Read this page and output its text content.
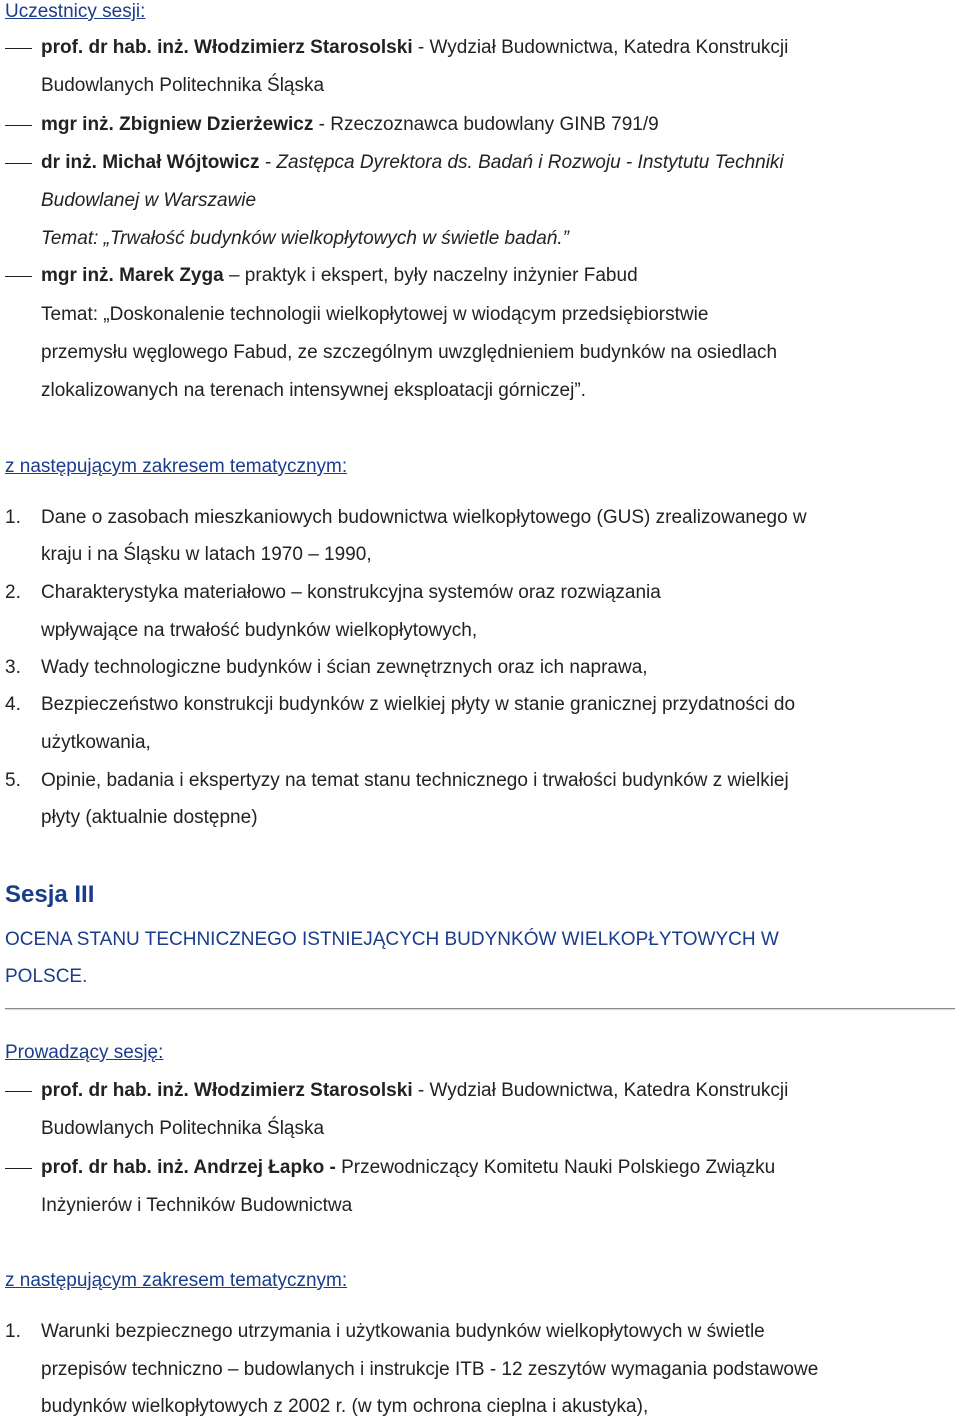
Uczestnicy sesji:
prof. dr hab. inż. Włodzimierz Starosolski - Wydział Budownictwa, Katedra Konstrukcji
Budowlanych Politechnika Śląska
mgr inż. Zbigniew Dzierżewicz - Rzeczoznawca budowlany GINB 791/9
dr inż. Michał Wójtowicz - Zastępca Dyrektora ds. Badań i Rozwoju - Instytutu Techniki
Budowlanej w Warszawie
Temat: „Trwałość budynków wielkopłytowych w świetle badań.”
mgr inż. Marek Zyga – praktyk i ekspert, były naczelny inżynier Fabud
Temat: „Doskonalenie technologii wielkopłytowej w wiodącym przedsiębiorstwie
przemysłu węglowego Fabud, ze szczególnym uwzględnieniem budynków na osiedlach
zlokalizowanych na terenach intensywnej eksploatacji górniczej”.
z następującym zakresem tematycznym:
1. Dane o zasobach mieszkaniowych budownictwa wielkopłytowego (GUS) zrealizowanego w
kraju i na Śląsku w latach 1970 – 1990,
2. Charakterystyka materiałowo – konstrukcyjna systemów oraz rozwiązania
wpływające na trwałość budynków wielkopłytowych,
3. Wady technologiczne budynków i ścian zewnętrznych oraz ich naprawa,
4. Bezpieczeństwo konstrukcji budynków z wielkiej płyty w stanie granicznej przydatności do
użytkowania,
5. Opinie, badania i ekspertyzy na temat stanu technicznego i trwałości budynków z wielkiej
płyty (aktualnie dostępne)
Sesja III
OCENA STANU TECHNICZNEGO ISTNIEJĄCYCH BUDYNKÓW WIELKOPŁYTOWYCH W
POLSCE.
Prowadzący sesję:
prof. dr hab. inż. Włodzimierz Starosolski - Wydział Budownictwa, Katedra Konstrukcji
Budowlanych Politechnika Śląska
prof. dr hab. inż. Andrzej Łapko - Przewodniczący Komitetu Nauki Polskiego Związku
Inżynierów i Techników Budownictwa
z następującym zakresem tematycznym:
1. Warunki bezpiecznego utrzymania i użytkowania budynków wielkopłytowych w świetle
przepisów techniczno – budowlanych i instrukcje ITB - 12 zeszytów wymagania podstawowe
budynków wielkopłytowych z 2002 r. (w tym ochrona cieplna i akustyka),
